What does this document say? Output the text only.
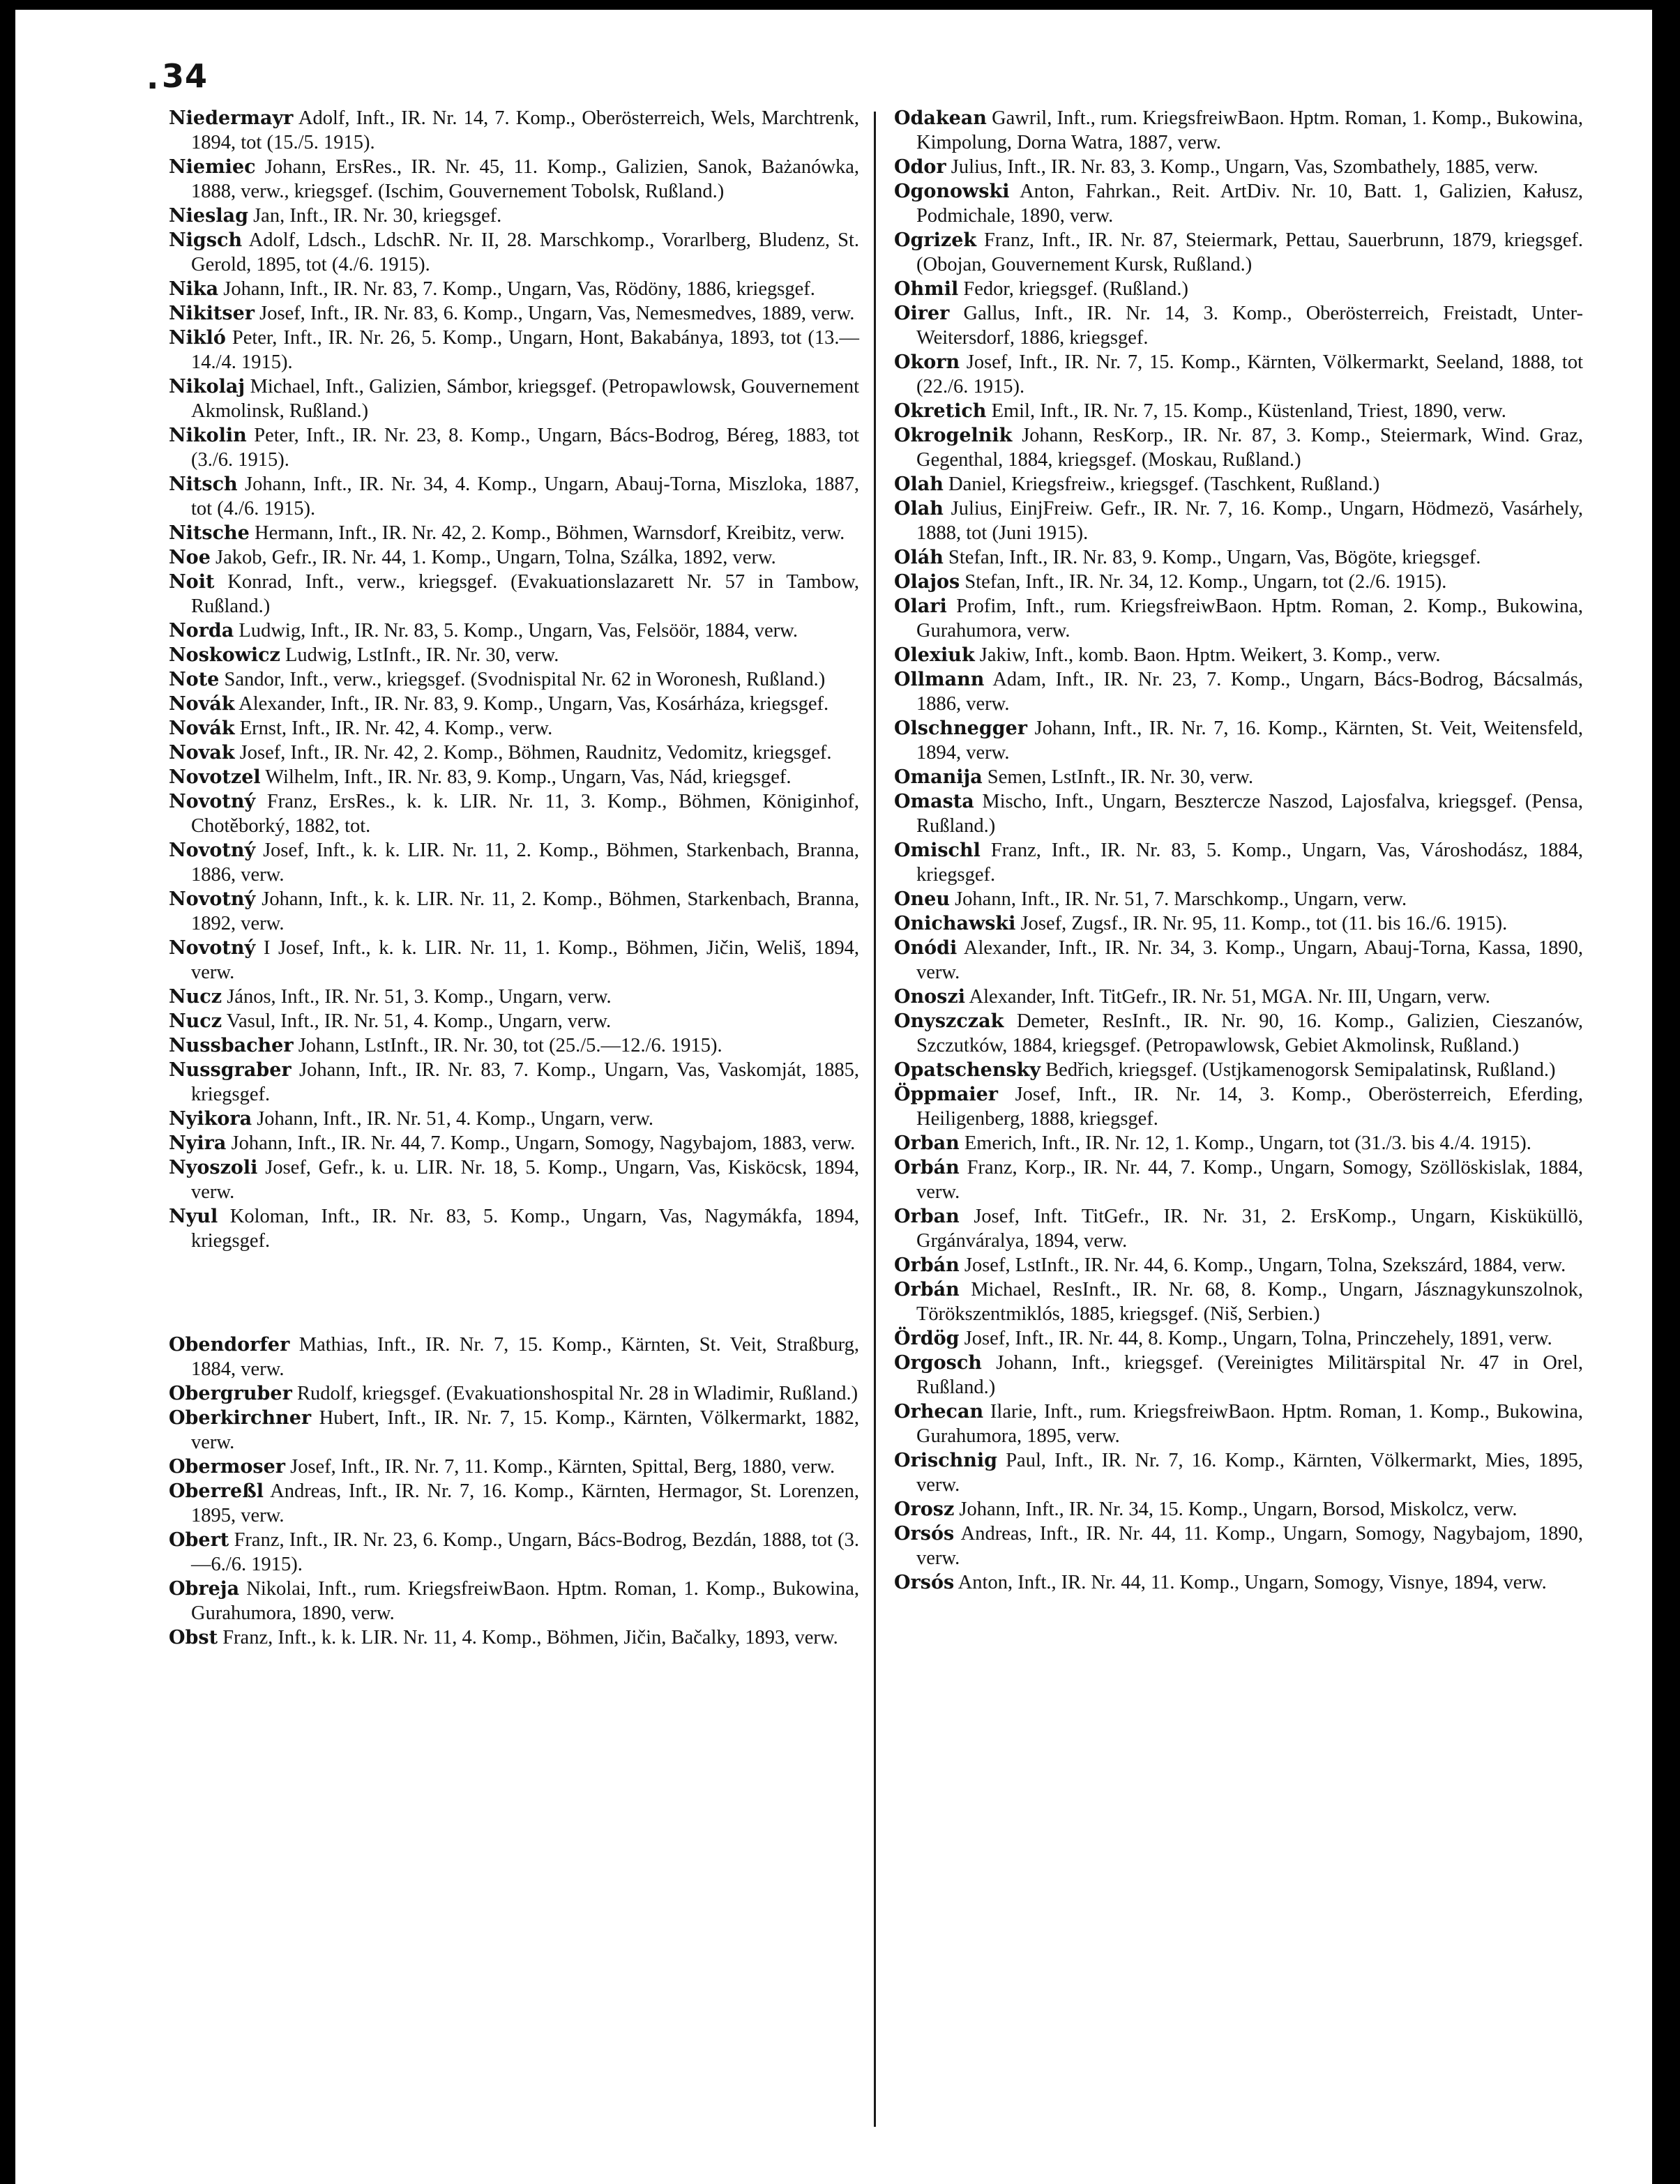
. 34
Niedermayr Adolf, Inft., IR. Nr. 14, 7. Komp., Oberösterreich, Wels, Marchtrenk, 1894, tot (15./5. 1915).
Niemiec Johann, ErsRes., IR. Nr. 45, 11. Komp., Galizien, Sanok, Bażanówka, 1888, verw., kriegsgef. (Ischim, Gouvernement Tobolsk, Rußland.)
Nieslag Jan, Inft., IR. Nr. 30, kriegsgef.
Nigsch Adolf, Ldsch., LdschR. Nr. II, 28. Marschkomp., Vorarlberg, Bludenz, St. Gerold, 1895, tot (4./6. 1915).
Nika Johann, Inft., IR. Nr. 83, 7. Komp., Ungarn, Vas, Rödöny, 1886, kriegsgef.
Nikitser Josef, Inft., IR. Nr. 83, 6. Komp., Ungarn, Vas, Nemesmedves, 1889, verw.
Nikló Peter, Inft., IR. Nr. 26, 5. Komp., Ungarn, Hont, Bakabánya, 1893, tot (13.—14./4. 1915).
Nikolaj Michael, Inft., Galizien, Sámbor, kriegsgef. (Petropawlowsk, Gouvernement Akmolinsk, Rußland.)
Nikolin Peter, Inft., IR. Nr. 23, 8. Komp., Ungarn, Bács-Bodrog, Béreg, 1883, tot (3./6. 1915).
Nitsch Johann, Inft., IR. Nr. 34, 4. Komp., Ungarn, Abauj-Torna, Miszloka, 1887, tot (4./6. 1915).
Nitsche Hermann, Inft., IR. Nr. 42, 2. Komp., Böhmen, Warnsdorf, Kreibitz, verw.
Noe Jakob, Gefr., IR. Nr. 44, 1. Komp., Ungarn, Tolna, Szálka, 1892, verw.
Noit Konrad, Inft., verw., kriegsgef. (Evakuationslazarett Nr. 57 in Tambow, Rußland.)
Norda Ludwig, Inft., IR. Nr. 83, 5. Komp., Ungarn, Vas, Felsöör, 1884, verw.
Noskowicz Ludwig, LstInft., IR. Nr. 30, verw.
Note Sandor, Inft., verw., kriegsgef. (Svodnispital Nr. 62 in Woronesh, Rußland.)
Novák Alexander, Inft., IR. Nr. 83, 9. Komp., Ungarn, Vas, Kosárháza, kriegsgef.
Novák Ernst, Inft., IR. Nr. 42, 4. Komp., verw.
Novak Josef, Inft., IR. Nr. 42, 2. Komp., Böhmen, Raudnitz, Vedomitz, kriegsgef.
Novotzel Wilhelm, Inft., IR. Nr. 83, 9. Komp., Ungarn, Vas, Nád, kriegsgef.
Novotný Franz, ErsRes., k. k. LIR. Nr. 11, 3. Komp., Böhmen, Königinhof, Chotěborký, 1882, tot.
Novotný Josef, Inft., k. k. LIR. Nr. 11, 2. Komp., Böhmen, Starkenbach, Branna, 1886, verw.
Novotný Johann, Inft., k. k. LIR. Nr. 11, 2. Komp., Böhmen, Starkenbach, Branna, 1892, verw.
Novotný I Josef, Inft., k. k. LIR. Nr. 11, 1. Komp., Böhmen, Jičin, Weliš, 1894, verw.
Nucz János, Inft., IR. Nr. 51, 3. Komp., Ungarn, verw.
Nucz Vasul, Inft., IR. Nr. 51, 4. Komp., Ungarn, verw.
Nussbacher Johann, LstInft., IR. Nr. 30, tot (25./5.—12./6. 1915).
Nussgraber Johann, Inft., IR. Nr. 83, 7. Komp., Ungarn, Vas, Vaskomját, 1885, kriegsgef.
Nyikora Johann, Inft., IR. Nr. 51, 4. Komp., Ungarn, verw.
Nyira Johann, Inft., IR. Nr. 44, 7. Komp., Ungarn, Somogy, Nagybajom, 1883, verw.
Nyoszoli Josef, Gefr., k. u. LIR. Nr. 18, 5. Komp., Ungarn, Vas, Kisköcsk, 1894, verw.
Nyul Koloman, Inft., IR. Nr. 83, 5. Komp., Ungarn, Vas, Nagymákfa, 1894, kriegsgef.
Obendorfer Mathias, Inft., IR. Nr. 7, 15. Komp., Kärnten, St. Veit, Straßburg, 1884, verw.
Obergruber Rudolf, kriegsgef. (Evakuationshospital Nr. 28 in Wladimir, Rußland.)
Oberkirchner Hubert, Inft., IR. Nr. 7, 15. Komp., Kärnten, Völkermarkt, 1882, verw.
Obermoser Josef, Inft., IR. Nr. 7, 11. Komp., Kärnten, Spittal, Berg, 1880, verw.
Oberreßl Andreas, Inft., IR. Nr. 7, 16. Komp., Kärnten, Hermagor, St. Lorenzen, 1895, verw.
Obert Franz, Inft., IR. Nr. 23, 6. Komp., Ungarn, Bács-Bodrog, Bezdán, 1888, tot (3.—6./6. 1915).
Obreja Nikolai, Inft., rum. KriegsfreiwBaon. Hptm. Roman, 1. Komp., Bukowina, Gurahumora, 1890, verw.
Obst Franz, Inft., k. k. LIR. Nr. 11, 4. Komp., Böhmen, Jičin, Bačalky, 1893, verw.
Odakean Gawril, Inft., rum. KriegsfreiwBaon. Hptm. Roman, 1. Komp., Bukowina, Kimpolung, Dorna Watra, 1887, verw.
Odor Julius, Inft., IR. Nr. 83, 3. Komp., Ungarn, Vas, Szombathely, 1885, verw.
Ogonowski Anton, Fahrkan., Reit. ArtDiv. Nr. 10, Batt. 1, Galizien, Kałusz, Podmichale, 1890, verw.
Ogrizek Franz, Inft., IR. Nr. 87, Steiermark, Pettau, Sauerbrunn, 1879, kriegsgef. (Obojan, Gouvernement Kursk, Rußland.)
Ohmil Fedor, kriegsgef. (Rußland.)
Oirer Gallus, Inft., IR. Nr. 14, 3. Komp., Oberösterreich, Freistadt, Unter-Weitersdorf, 1886, kriegsgef.
Okorn Josef, Inft., IR. Nr. 7, 15. Komp., Kärnten, Völkermarkt, Seeland, 1888, tot (22./6. 1915).
Okretich Emil, Inft., IR. Nr. 7, 15. Komp., Küstenland, Triest, 1890, verw.
Okrogelnik Johann, ResKorp., IR. Nr. 87, 3. Komp., Steiermark, Wind. Graz, Gegenthal, 1884, kriegsgef. (Moskau, Rußland.)
Olah Daniel, Kriegsfreiw., kriegsgef. (Taschkent, Rußland.)
Olah Julius, EinjFreiw. Gefr., IR. Nr. 7, 16. Komp., Ungarn, Hödmezö, Vasárhely, 1888, tot (Juni 1915).
Oláh Stefan, Inft., IR. Nr. 83, 9. Komp., Ungarn, Vas, Bögöte, kriegsgef.
Olajos Stefan, Inft., IR. Nr. 34, 12. Komp., Ungarn, tot (2./6. 1915).
Olari Profim, Inft., rum. KriegsfreiwBaon. Hptm. Roman, 2. Komp., Bukowina, Gurahumora, verw.
Olexiuk Jakiw, Inft., komb. Baon. Hptm. Weikert, 3. Komp., verw.
Ollmann Adam, Inft., IR. Nr. 23, 7. Komp., Ungarn, Bács-Bodrog, Bácsalmás, 1886, verw.
Olschnegger Johann, Inft., IR. Nr. 7, 16. Komp., Kärnten, St. Veit, Weitensfeld, 1894, verw.
Omanija Semen, LstInft., IR. Nr. 30, verw.
Omasta Mischo, Inft., Ungarn, Besztercze Naszod, Lajosfalva, kriegsgef. (Pensa, Rußland.)
Omischl Franz, Inft., IR. Nr. 83, 5. Komp., Ungarn, Vas, Városhodász, 1884, kriegsgef.
Oneu Johann, Inft., IR. Nr. 51, 7. Marschkomp., Ungarn, verw.
Onichawski Josef, Zugsf., IR. Nr. 95, 11. Komp., tot (11. bis 16./6. 1915).
Onódi Alexander, Inft., IR. Nr. 34, 3. Komp., Ungarn, Abauj-Torna, Kassa, 1890, verw.
Onoszi Alexander, Inft. TitGefr., IR. Nr. 51, MGA. Nr. III, Ungarn, verw.
Onyszczak Demeter, ResInft., IR. Nr. 90, 16. Komp., Galizien, Cieszanów, Szczutków, 1884, kriegsgef. (Petropawlowsk, Gebiet Akmolinsk, Rußland.)
Opatschensky Bedřich, kriegsgef. (Ustjkamenogorsk Semipalatinsk, Rußland.)
Öppmaier Josef, Inft., IR. Nr. 14, 3. Komp., Oberösterreich, Eferding, Heiligenberg, 1888, kriegsgef.
Orban Emerich, Inft., IR. Nr. 12, 1. Komp., Ungarn, tot (31./3. bis 4./4. 1915).
Orbán Franz, Korp., IR. Nr. 44, 7. Komp., Ungarn, Somogy, Szöllöskislak, 1884, verw.
Orban Josef, Inft. TitGefr., IR. Nr. 31, 2. ErsKomp., Ungarn, Kisküküllö, Grgánváralya, 1894, verw.
Orbán Josef, LstInft., IR. Nr. 44, 6. Komp., Ungarn, Tolna, Szekszárd, 1884, verw.
Orbán Michael, ResInft., IR. Nr. 68, 8. Komp., Ungarn, Jásznagykunszolnok, Törökszentmiklós, 1885, kriegsgef. (Niš, Serbien.)
Ördög Josef, Inft., IR. Nr. 44, 8. Komp., Ungarn, Tolna, Princzehely, 1891, verw.
Orgosch Johann, Inft., kriegsgef. (Vereinigtes Militärspital Nr. 47 in Orel, Rußland.)
Orhecan Ilarie, Inft., rum. KriegsfreiwBaon. Hptm. Roman, 1. Komp., Bukowina, Gurahumora, 1895, verw.
Orischnig Paul, Inft., IR. Nr. 7, 16. Komp., Kärnten, Völkermarkt, Mies, 1895, verw.
Orosz Johann, Inft., IR. Nr. 34, 15. Komp., Ungarn, Borsod, Miskolcz, verw.
Orsós Andreas, Inft., IR. Nr. 44, 11. Komp., Ungarn, Somogy, Nagybajom, 1890, verw.
Orsós Anton, Inft., IR. Nr. 44, 11. Komp., Ungarn, Somogy, Visnye, 1894, verw.
